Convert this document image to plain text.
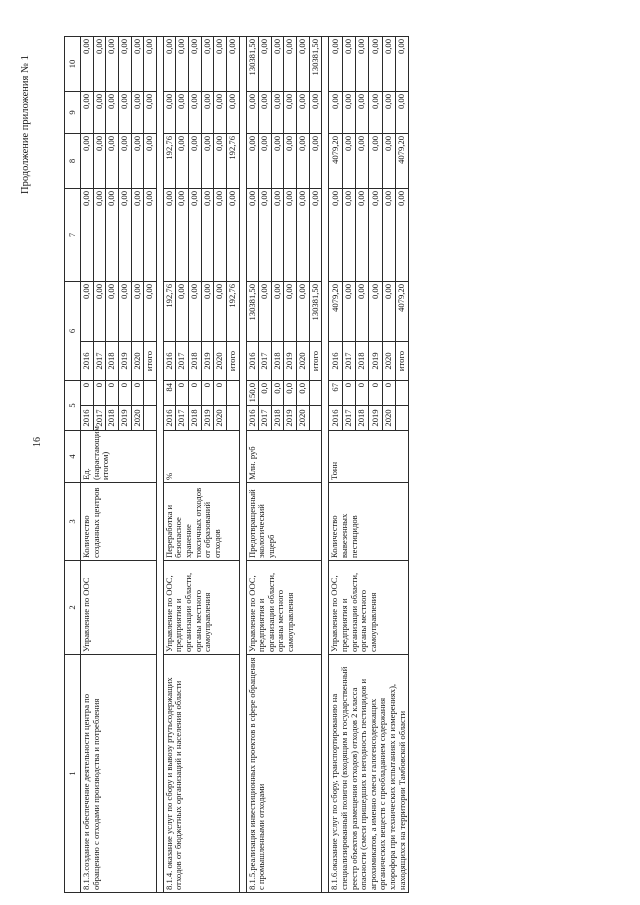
16
Продолжение приложения № 1
1	2	3	4	5		6		7	8	9	10
8.1.3.создание и обеспечение деятельности центра по обращению с отходами производства и потребления	Управление по ООС	Количество созданных центров	Ед. (нарастающим итогом)	2016	0	2016	0,00	0,00	0,00	0,00	0,00
				2017	0	2017	0,00	0,00	0,00	0,00	0,00
				2018	0	2018	0,00	0,00	0,00	0,00	0,00
				2019	0	2019	0,00	0,00	0,00	0,00	0,00
				2020	0	2020	0,00	0,00	0,00	0,00	0,00
						итого	0,00	0,00	0,00	0,00	0,00

8.1.4. оказание услуг по сбору и вывозу ртутьсодержащих отходов от бюджетных организаций и населения области	Управление по ООС, предприятия и организации области, органы местного самоуправления	Переработка и безопасное хранение токсичных отходов от образований отходов	%	2016	84	2016	192,76	0,00	192,76	0,00	0,00
				2017	0	2017	0,00	0,00	0,00	0,00	0,00
				2018	0	2018	0,00	0,00	0,00	0,00	0,00
				2019	0	2019	0,00	0,00	0,00	0,00	0,00
				2020	0	2020	0,00	0,00	0,00	0,00	0,00
						итого	192,76	0,00	192,76	0,00	0,00

8.1.5.реализация инвестиционных проектов в сфере обращения с промышленными отходами	Управление по ООС, предприятия и организации области, органы местного самоуправления	Предотвращенный экологический ущерб	Млн. руб	2016	150,0	2016	130381,50	0,00	0,00	0,00	130381,50
				2017	0,0	2017	0,00	0,00	0,00	0,00	0,00
				2018	0,0	2018	0,00	0,00	0,00	0,00	0,00
				2019	0,0	2019	0,00	0,00	0,00	0,00	0,00
				2020	0,0	2020	0,00	0,00	0,00	0,00	0,00
						итого	130381,50	0,00	0,00	0,00	130381,50

8.1.6.оказание услуг по сбору, транспортированию на специализированный полигон (входящим в государственный реестр объектов размещения отходов) отходов 2 класса опасности (смеси пришедших в негодность пестицидов и агрохимикатов, а именно смеси галогенсодержащих органических веществ с преобладанием содержания хлорофора при технических испытаниях и измерениях), находящихся на территории Тамбовской области	Управление по ООС, предприятия и организации области, органы местного самоуправления	Количество вывезенных пестицидов	Тонн	2016	67	2016	4079,20	0,00	4079,20	0,00	0,00
				2017	0	2017	0,00	0,00	0,00	0,00	0,00
				2018	0	2018	0,00	0,00	0,00	0,00	0,00
				2019	0	2019	0,00	0,00	0,00	0,00	0,00
				2020	0	2020	0,00	0,00	0,00	0,00	0,00
						итого	4079,20	0,00	4079,20	0,00	0,00
